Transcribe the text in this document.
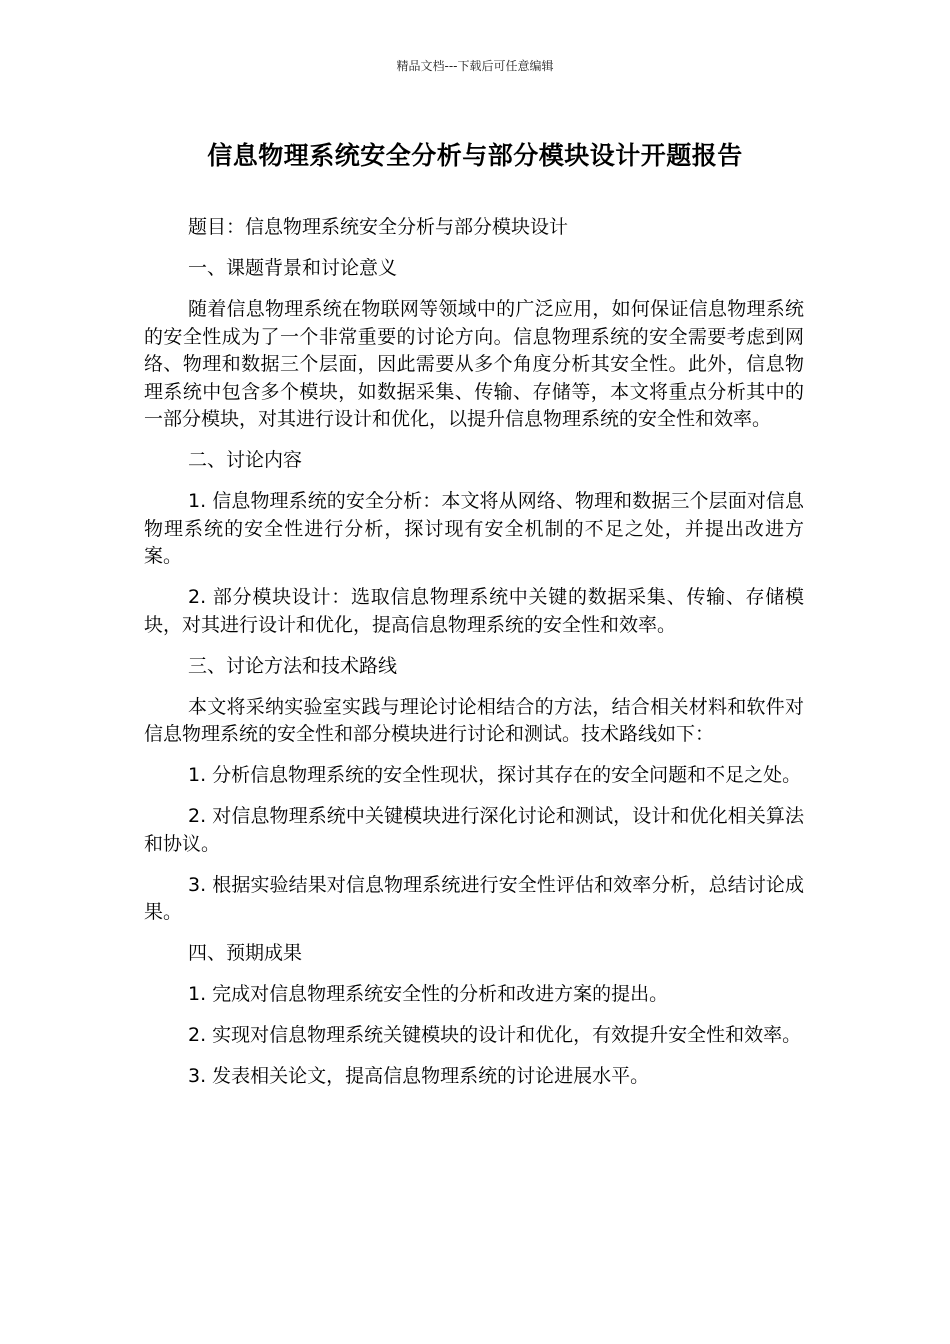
精品文档---下载后可任意编辑
信息物理系统安全分析与部分模块设计开题报告

题目：信息物理系统安全分析与部分模块设计

一、课题背景和讨论意义

随着信息物理系统在物联网等领域中的广泛应用，如何保证信息物理系统的安全性成为了一个非常重要的讨论方向。信息物理系统的安全需要考虑到网络、物理和数据三个层面，因此需要从多个角度分析其安全性。此外，信息物理系统中包含多个模块，如数据采集、传输、存储等，本文将重点分析其中的一部分模块，对其进行设计和优化，以提升信息物理系统的安全性和效率。

二、讨论内容

1. 信息物理系统的安全分析：本文将从网络、物理和数据三个层面对信息物理系统的安全性进行分析，探讨现有安全机制的不足之处，并提出改进方案。

2. 部分模块设计：选取信息物理系统中关键的数据采集、传输、存储模块，对其进行设计和优化，提高信息物理系统的安全性和效率。

三、讨论方法和技术路线

本文将采纳实验室实践与理论讨论相结合的方法，结合相关材料和软件对信息物理系统的安全性和部分模块进行讨论和测试。技术路线如下：

1. 分析信息物理系统的安全性现状，探讨其存在的安全问题和不足之处。

2. 对信息物理系统中关键模块进行深化讨论和测试，设计和优化相关算法和协议。

3. 根据实验结果对信息物理系统进行安全性评估和效率分析，总结讨论成果。

四、预期成果

1. 完成对信息物理系统安全性的分析和改进方案的提出。

2. 实现对信息物理系统关键模块的设计和优化，有效提升安全性和效率。

3. 发表相关论文，提高信息物理系统的讨论进展水平。
